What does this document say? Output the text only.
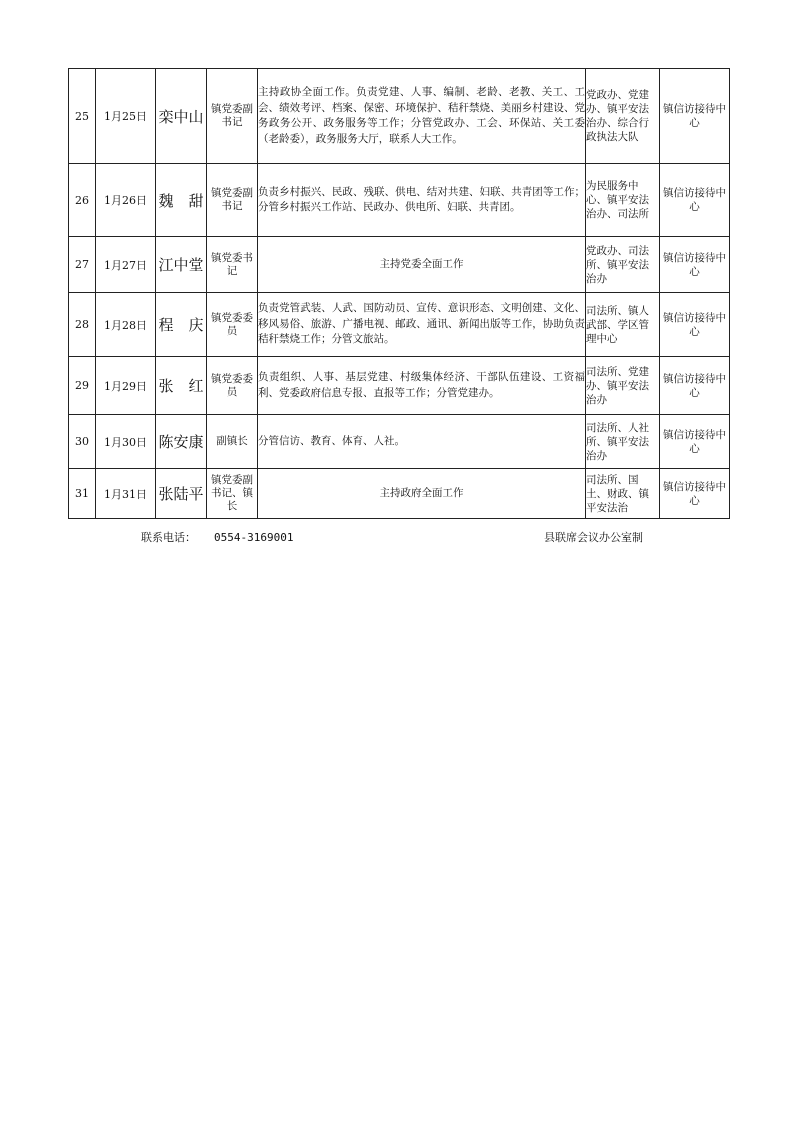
25	1月25日	栾中山	镇党委副书记	主持政协全面工作。负责党建、人事、编制、老龄、老教、关工、工会、绩效考评、档案、保密、环境保护、秸秆禁烧、美丽乡村建设、党务政务公开、政务服务等工作；分管党政办、工会、环保站、关工委（老龄委），政务服务大厅，联系人大工作。	党政办、党建办、镇平安法治办、综合行政执法大队	镇信访接待中心
26	1月26日	魏　甜	镇党委副书记	负责乡村振兴、民政、残联、供电、结对共建、妇联、共青团等工作；分管乡村振兴工作站、民政办、供电所、妇联、共青团。	为民服务中心、镇平安法治办、司法所	镇信访接待中心
27	1月27日	江中堂	镇党委书记	主持党委全面工作	党政办、司法所、镇平安法治办	镇信访接待中心
28	1月28日	程　庆	镇党委委员	负责党管武装、人武、国防动员、宣传、意识形态、文明创建、文化、移风易俗、旅游、广播电视、邮政、通讯、新闻出版等工作，协助负责秸秆禁烧工作；分管文旅站。	司法所、镇人武部、学区管理中心	镇信访接待中心
29	1月29日	张　红	镇党委委员	负责组织、人事、基层党建、村级集体经济、干部队伍建设、工资福利、党委政府信息专报、直报等工作；分管党建办。	司法所、党建办、镇平安法治办	镇信访接待中心
30	1月30日	陈安康	副镇长	分管信访、教育、体育、人社。	司法所、人社所、镇平安法治办	镇信访接待中心
31	1月31日	张陆平	镇党委副书记、镇长	主持政府全面工作	司法所、国土、财政、镇平安法治	镇信访接待中心
联系电话： 0554-3169001	县联席会议办公室制
